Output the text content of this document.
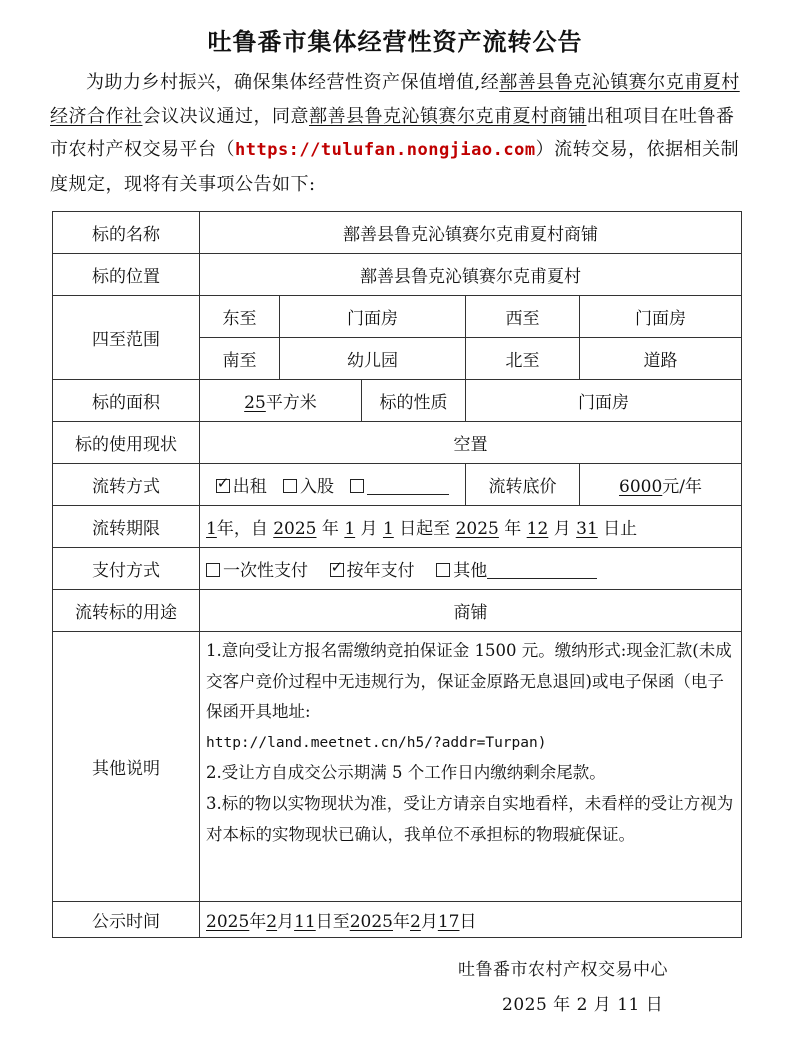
吐鲁番市集体经营性资产流转公告
为助力乡村振兴，确保集体经营性资产保值增值,经鄯善县鲁克沁镇赛尔克甫夏村经济合作社会议决议通过，同意鄯善县鲁克沁镇赛尔克甫夏村商铺出租项目在吐鲁番市农村产权交易平台（https://tulufan.nongjiao.com）流转交易，依据相关制度规定，现将有关事项公告如下:
标的名称	鄯善县鲁克沁镇赛尔克甫夏村商铺				
标的位置	鄯善县鲁克沁镇赛尔克甫夏村				
四至范围	东至	门面房		西至	门面房
	南至	幼儿园		北至	道路
标的面积	25平方米		标的性质	门面房	
标的使用现状	空置				
流转方式	✓出租 入股			流转底价	6000元/年
流转期限	1年，自 2025 年 1 月 1 日起至 2025 年 12 月 31 日止				
支付方式	一次性支付 ✓ 按年支付 其他
流转标的用途	商铺				
其他说明	1.意向受让方报名需缴纳竞拍保证金 1500 元。缴纳形式:现金汇款(未成交客户竞价过程中无违规行为，保证金原路无息退回)或电子保函（电子保函开具地址:
http://land.meetnet.cn/h5/?addr=Turpan)
2.受让方自成交公示期满 5 个工作日内缴纳剩余尾款。
3.标的物以实物现状为准，受让方请亲自实地看样，未看样的受让方视为对本标的实物现状已确认，我单位不承担标的物瑕疵保证。				

公示时间	2025年2月11日至2025年2月17日				
吐鲁番市农村产权交易中心
2025 年 2 月 11 日
